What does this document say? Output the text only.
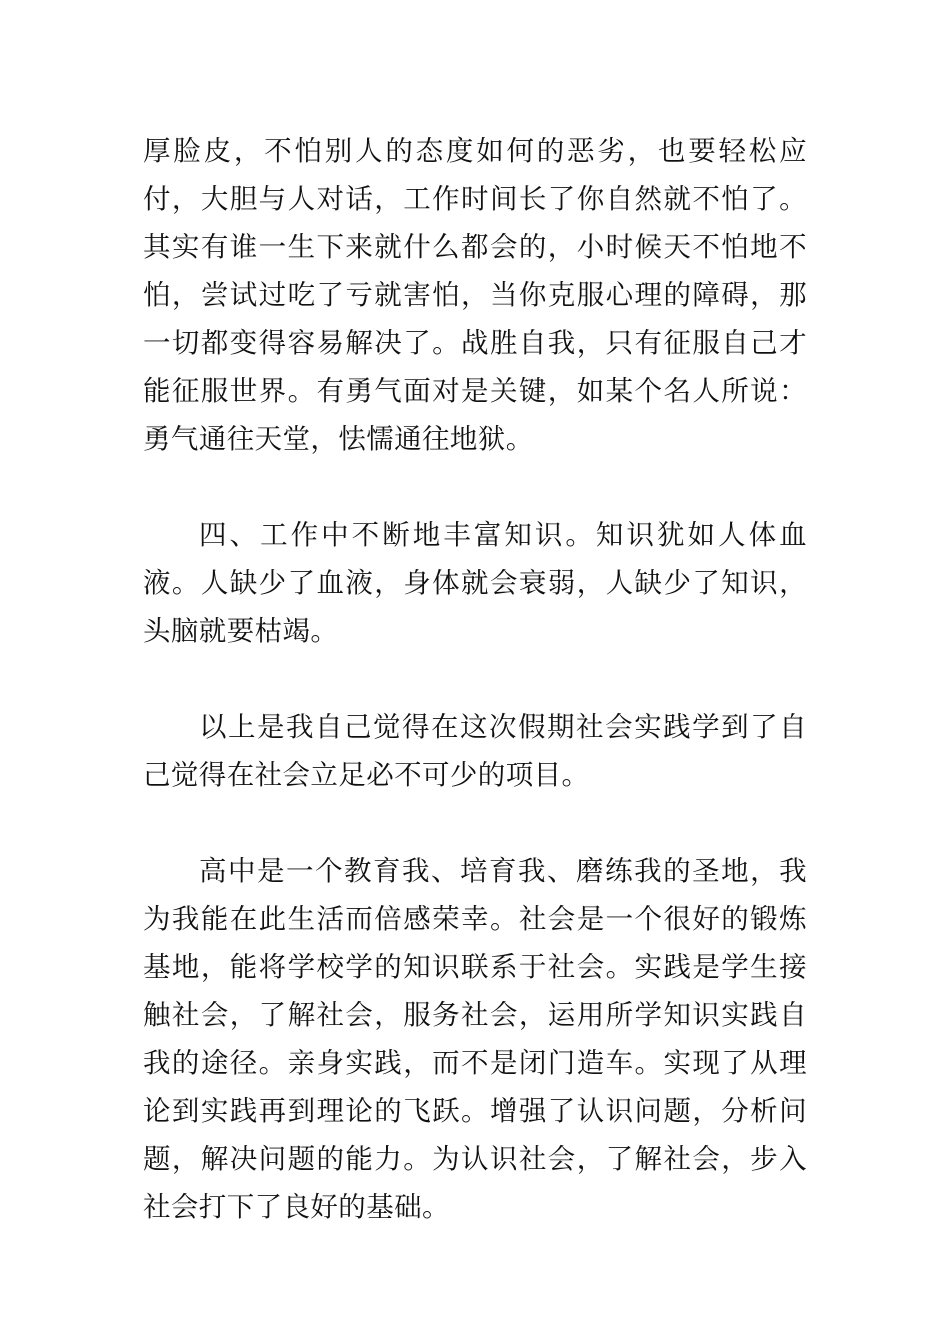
厚脸皮，不怕别人的态度如何的恶劣，也要轻松应付，大胆与人对话，工作时间长了你自然就不怕了。其实有谁一生下来就什么都会的，小时候天不怕地不怕，尝试过吃了亏就害怕，当你克服心理的障碍，那一切都变得容易解决了。战胜自我，只有征服自己才能征服世界。有勇气面对是关键，如某个名人所说：勇气通往天堂，怯懦通往地狱。

四、工作中不断地丰富知识。知识犹如人体血液。人缺少了血液，身体就会衰弱，人缺少了知识，头脑就要枯竭。

以上是我自己觉得在这次假期社会实践学到了自己觉得在社会立足必不可少的项目。

高中是一个教育我、培育我、磨练我的圣地，我为我能在此生活而倍感荣幸。社会是一个很好的锻炼基地，能将学校学的知识联系于社会。实践是学生接触社会，了解社会，服务社会，运用所学知识实践自我的途径。亲身实践，而不是闭门造车。实现了从理论到实践再到理论的飞跃。增强了认识问题，分析问题，解决问题的能力。为认识社会，了解社会，步入社会打下了良好的基础。
